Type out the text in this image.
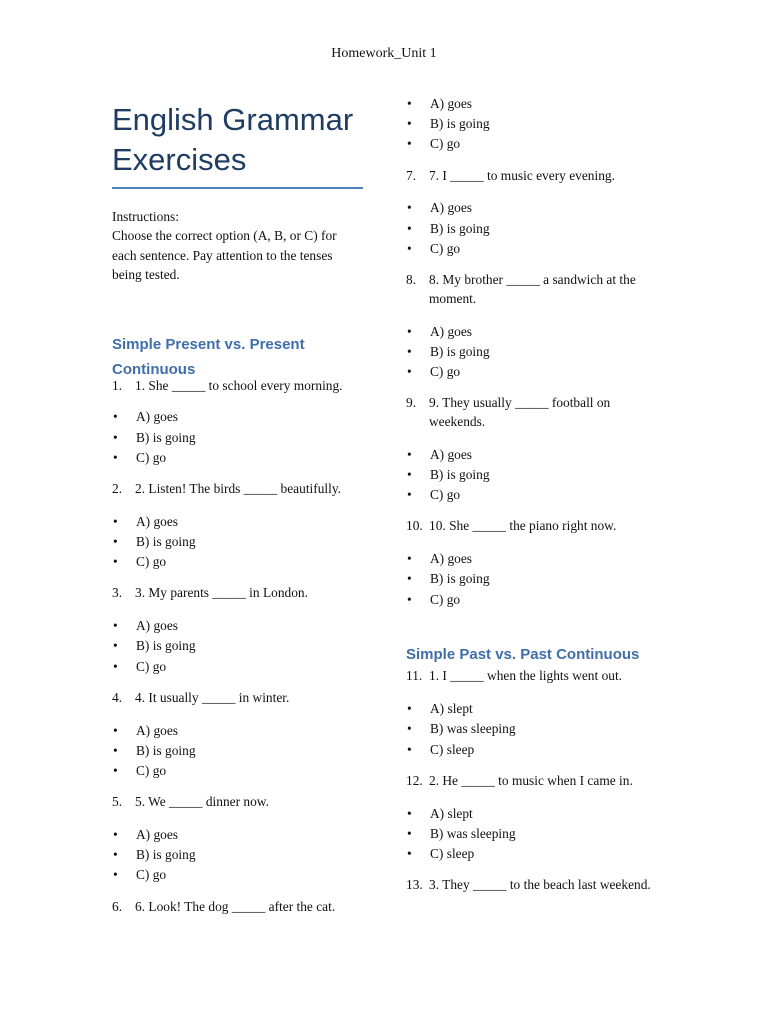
Homework_Unit 1
English Grammar
Exercises
Instructions:
Choose the correct option (A, B, or C) for each sentence. Pay attention to the tenses being tested.
Simple Present vs. Present
Continuous
1. 1. She _____ to school every morning.
•
A) goes
•
B) is going
•
C) go
2. 2. Listen! The birds _____ beautifully.
•
A) goes
•
B) is going
•
C) go
3. 3. My parents _____ in London.
•
A) goes
•
B) is going
•
C) go
4. 4. It usually _____ in winter.
•
A) goes
•
B) is going
•
C) go
5. 5. We _____ dinner now.
•
A) goes
•
B) is going
•
C) go
6. 6. Look! The dog _____ after the cat.
•
A) goes
•
B) is going
•
C) go
7. 7. I _____ to music every evening.
•
A) goes
•
B) is going
•
C) go
8. 8. My brother _____ a sandwich at the moment.
•
A) goes
•
B) is going
•
C) go
9. 9. They usually _____ football on weekends.
•
A) goes
•
B) is going
•
C) go
10. 10. She _____ the piano right now.
•
A) goes
•
B) is going
•
C) go
Simple Past vs. Past Continuous
11. 1. I _____ when the lights went out.
•
A) slept
•
B) was sleeping
•
C) sleep
12. 2. He _____ to music when I came in.
•
A) slept
•
B) was sleeping
•
C) sleep
13. 3. They _____ to the beach last weekend.
